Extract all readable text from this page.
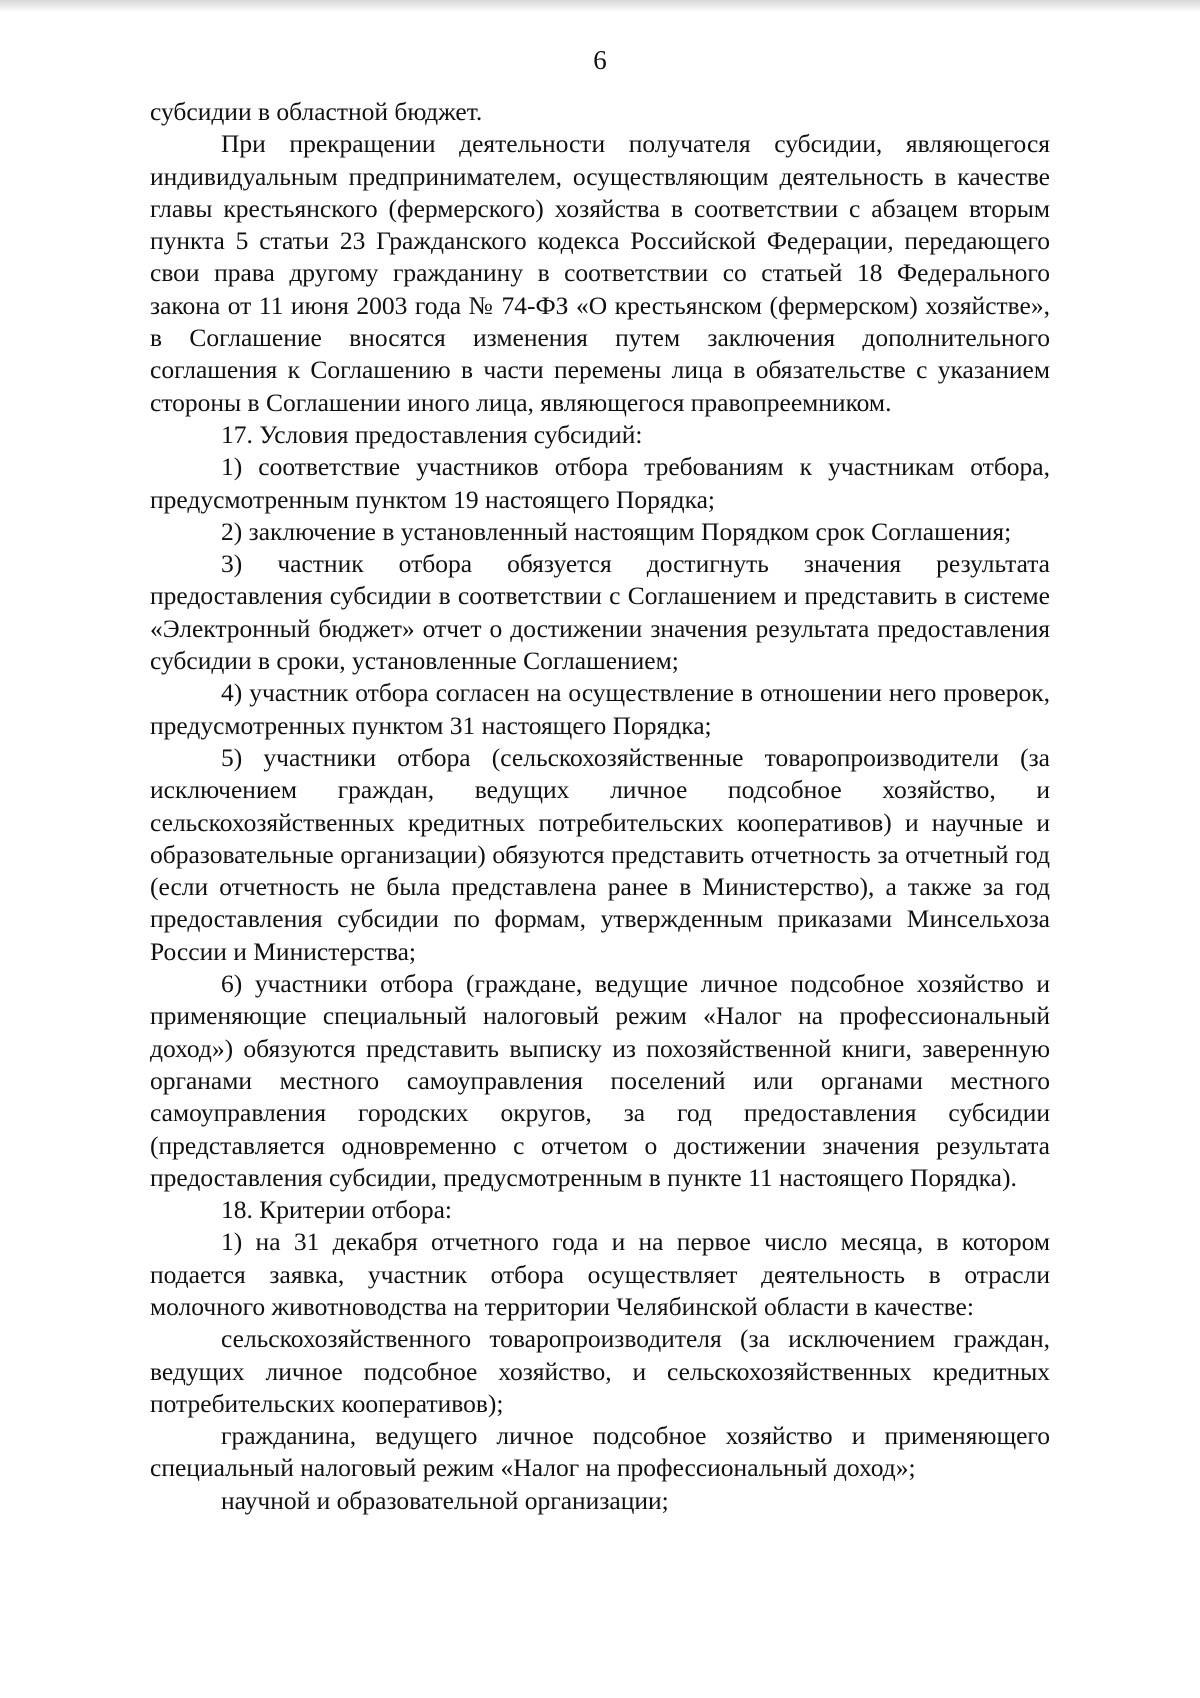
6

субсидии в областной бюджет.

При прекращении деятельности получателя субсидии, являющегося индивидуальным предпринимателем, осуществляющим деятельность в качестве главы крестьянского (фермерского) хозяйства в соответствии с абзацем вторым пункта 5 статьи 23 Гражданского кодекса Российской Федерации, передающего свои права другому гражданину в соответствии со статьей 18 Федерального закона от 11 июня 2003 года № 74-ФЗ «О крестьянском (фермерском) хозяйстве», в Соглашение вносятся изменения путем заключения дополнительного соглашения к Соглашению в части перемены лица в обязательстве с указанием стороны в Соглашении иного лица, являющегося правопреемником.

17. Условия предоставления субсидий:

1) соответствие участников отбора требованиям к участникам отбора, предусмотренным пунктом 19 настоящего Порядка;

2) заключение в установленный настоящим Порядком срок Соглашения;

3) частник отбора обязуется достигнуть значения результата предоставления субсидии в соответствии с Соглашением и представить в системе «Электронный бюджет» отчет о достижении значения результата предоставления субсидии в сроки, установленные Соглашением;

4) участник отбора согласен на осуществление в отношении него проверок, предусмотренных пунктом 31 настоящего Порядка;

5) участники отбора (сельскохозяйственные товаропроизводители (за исключением граждан, ведущих личное подсобное хозяйство, и сельскохозяйственных кредитных потребительских кооперативов) и научные и образовательные организации) обязуются представить отчетность за отчетный год (если отчетность не была представлена ранее в Министерство), а также за год предоставления субсидии по формам, утвержденным приказами Минсельхоза России и Министерства;

6) участники отбора (граждане, ведущие личное подсобное хозяйство и применяющие специальный налоговый режим «Налог на профессиональный доход») обязуются представить выписку из похозяйственной книги, заверенную органами местного самоуправления поселений или органами местного самоуправления городских округов, за год предоставления субсидии (представляется одновременно с отчетом о достижении значения результата предоставления субсидии, предусмотренным в пункте 11 настоящего Порядка).

18. Критерии отбора:

1) на 31 декабря отчетного года и на первое число месяца, в котором подается заявка, участник отбора осуществляет деятельность в отрасли молочного животноводства на территории Челябинской области в качестве:

сельскохозяйственного товаропроизводителя (за исключением граждан, ведущих личное подсобное хозяйство, и сельскохозяйственных кредитных потребительских кооперативов);

гражданина, ведущего личное подсобное хозяйство и применяющего специальный налоговый режим «Налог на профессиональный доход»;

научной и образовательной организации;
